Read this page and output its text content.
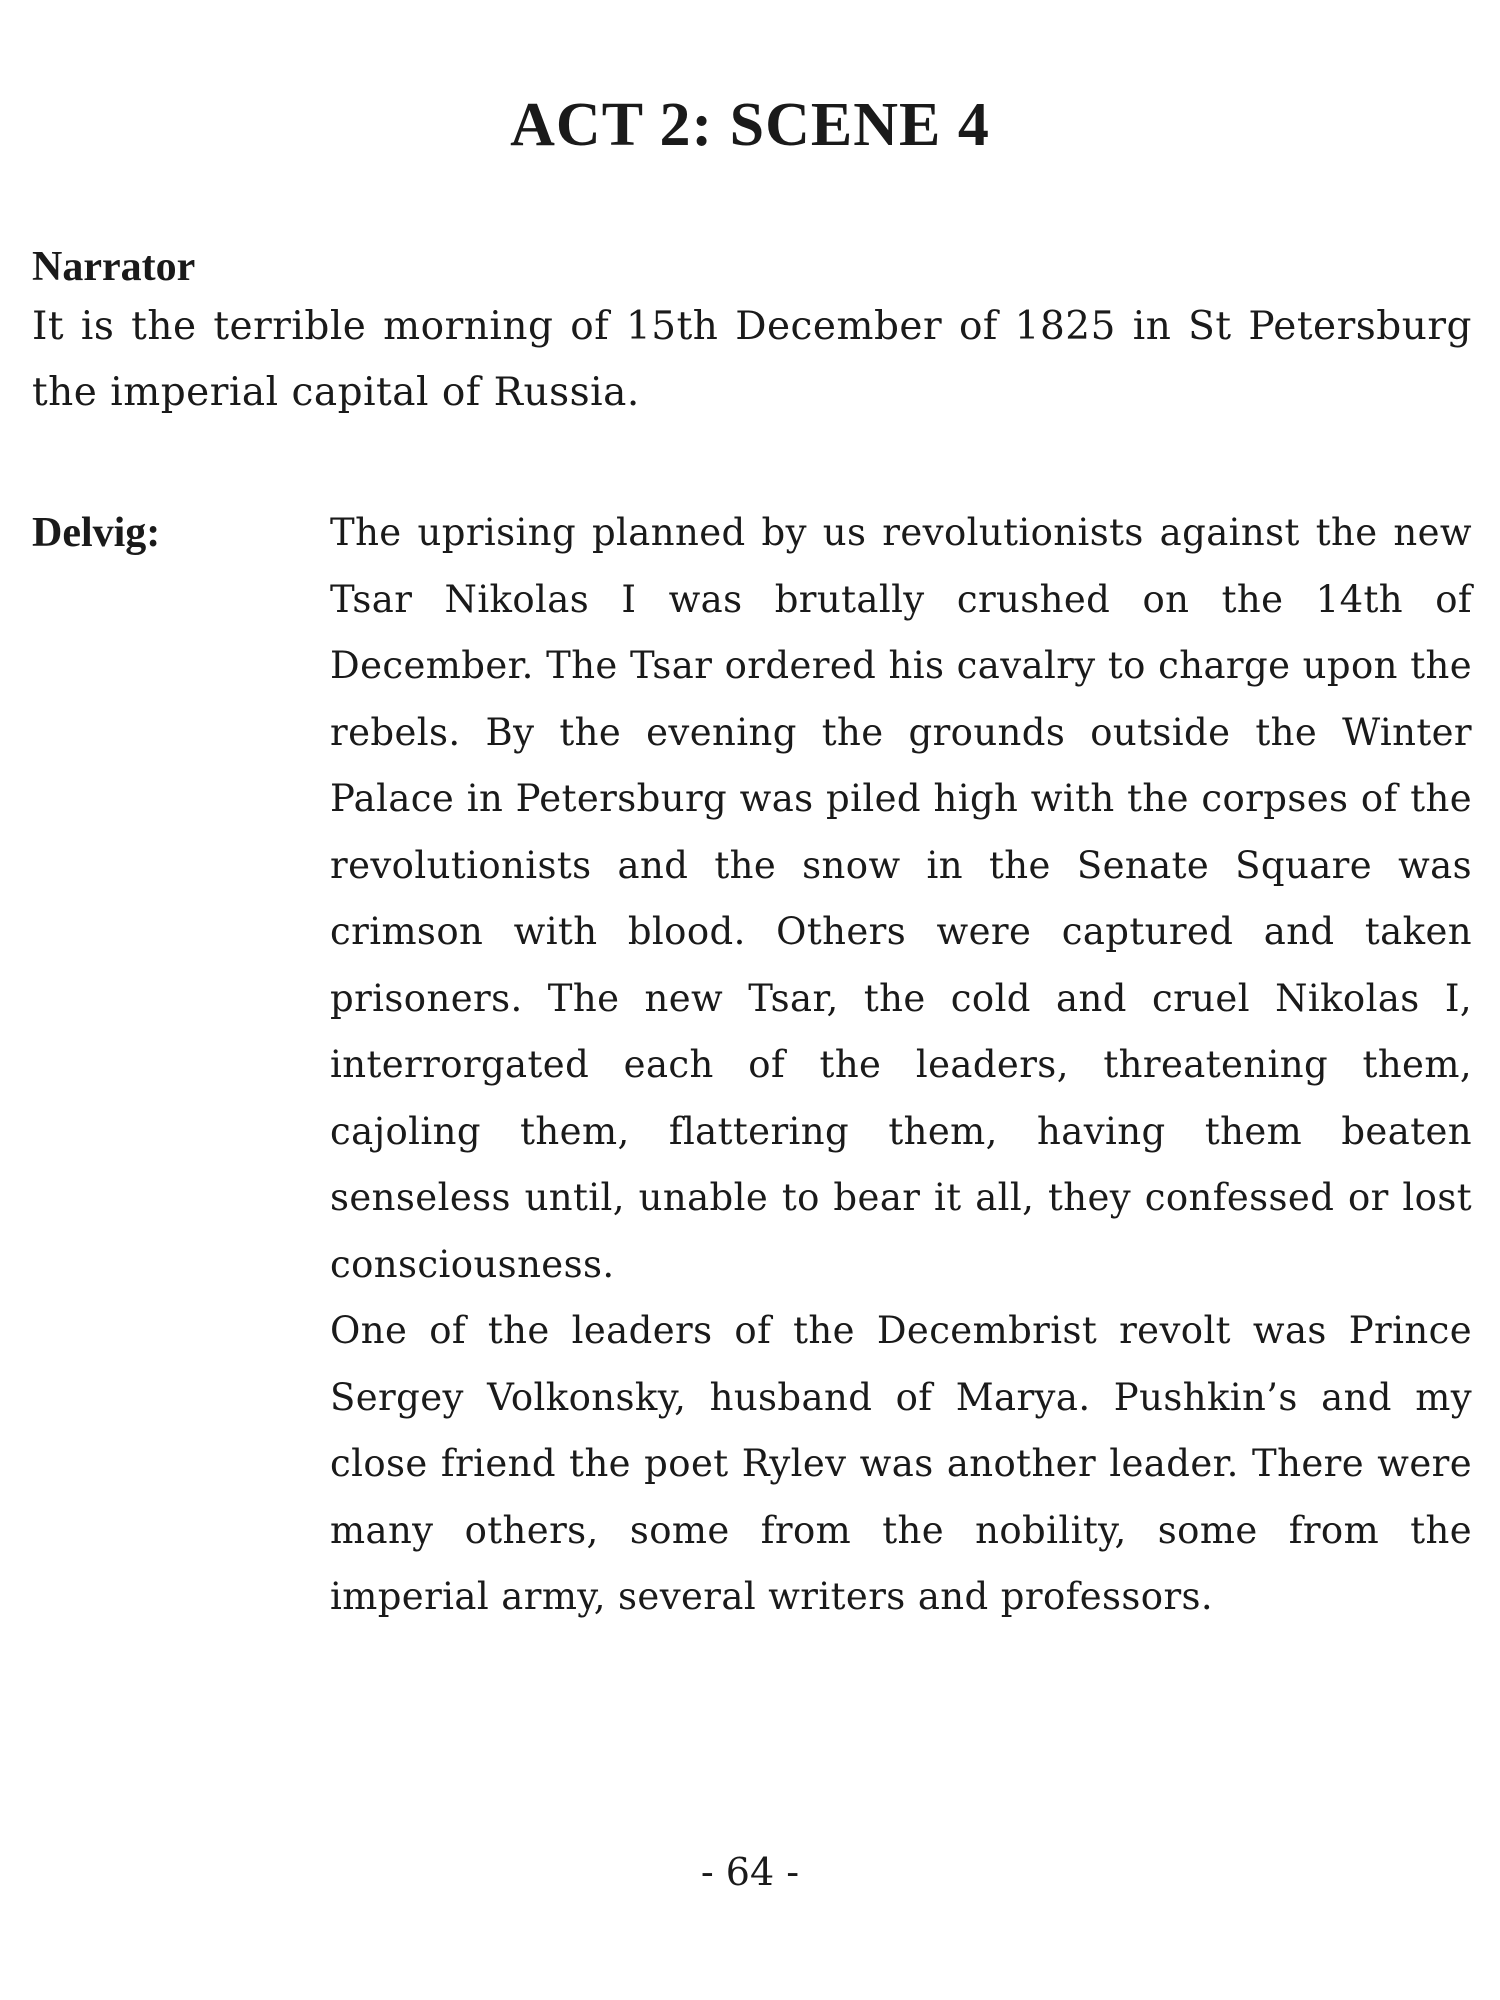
ACT 2: SCENE 4

Narrator

It is the terrible morning of 15th December of 1825 in St Petersburg the imperial capital of Russia.

Delvig:	The uprising planned by us revolutionists against the new Tsar Nikolas I was brutally crushed on the 14th of December. The Tsar ordered his cavalry to charge upon the rebels. By the evening the grounds outside the Winter Palace in Petersburg was piled high with the corpses of the revolutionists and the snow in the Senate Square was crimson with blood. Others were captured and taken prisoners. The new Tsar, the cold and cruel Nikolas I, interrorgated each of the leaders, threatening them, cajoling them, flattering them, having them beaten senseless until, unable to bear it all, they confessed or lost consciousness.

One of the leaders of the Decembrist revolt was Prince Sergey Volkonsky, husband of Marya. Pushkin’s and my close friend the poet Rylev was another leader. There were many others, some from the nobility, some from the imperial army, several writers and professors.

- 64 -
